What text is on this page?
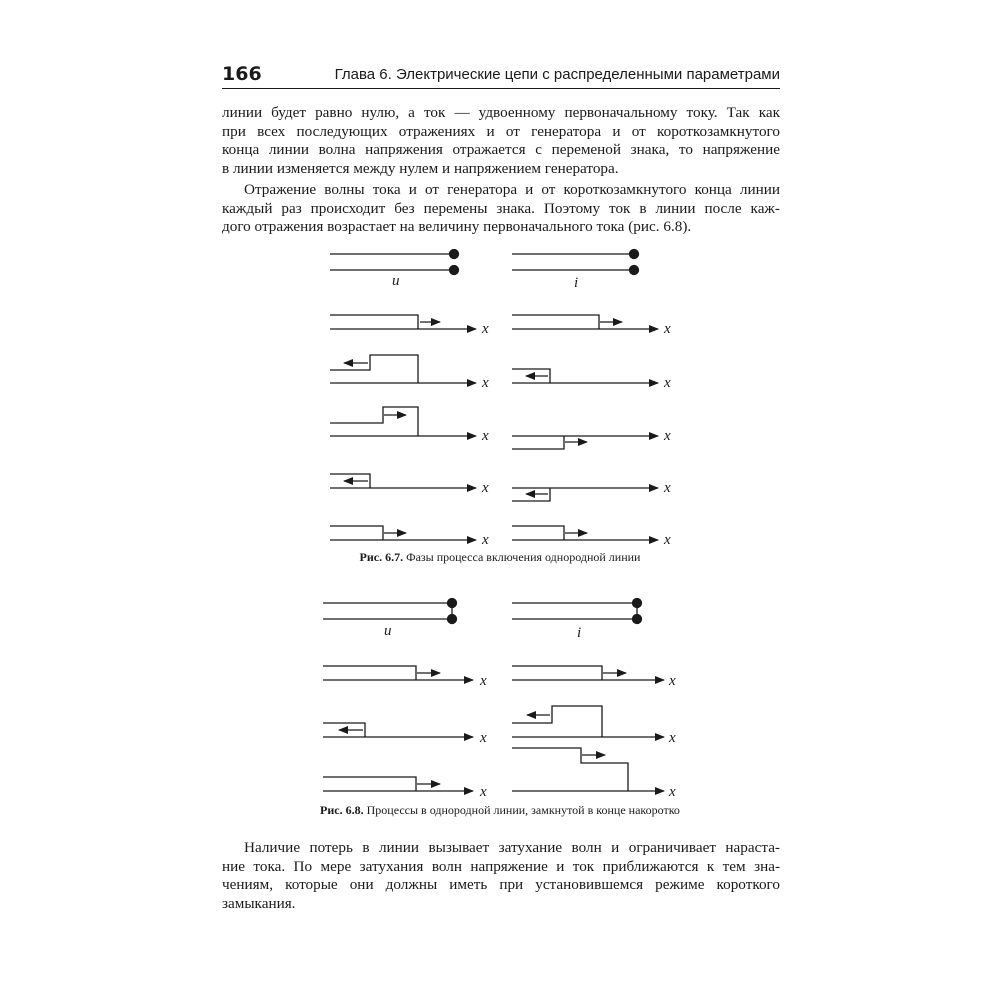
166	Глава 6. Электрические цепи с распределенными параметрами

линии будет равно нулю, а ток — удвоенному первоначальному току. Так как
при всех последующих отражениях и от генератора и от короткозамкнутого
конца линии волна напряжения отражается с переменой знака, то напряжение
в линии изменяется между нулем и напряжением генератора.

Отражение волны тока и от генератора и от короткозамкнутого конца линии
каждый раз происходит без перемены знака. Поэтому ток в линии после каж-
дого отражения возрастает на величину первоначального тока (рис. 6.8).

u	i
x
x
x
x
x
x
x
x
x
x
u	i
x
x
x
x
x
x
Рис. 6.7. Фазы процесса включения однородной линии
Рис. 6.8. Процессы в однородной линии, замкнутой в конце накоротко

Наличие потерь в линии вызывает затухание волн и ограничивает нараста-
ние тока. По мере затухания волн напряжение и ток приближаются к тем зна-
чениям, которые они должны иметь при установившемся режиме короткого
замыкания.
